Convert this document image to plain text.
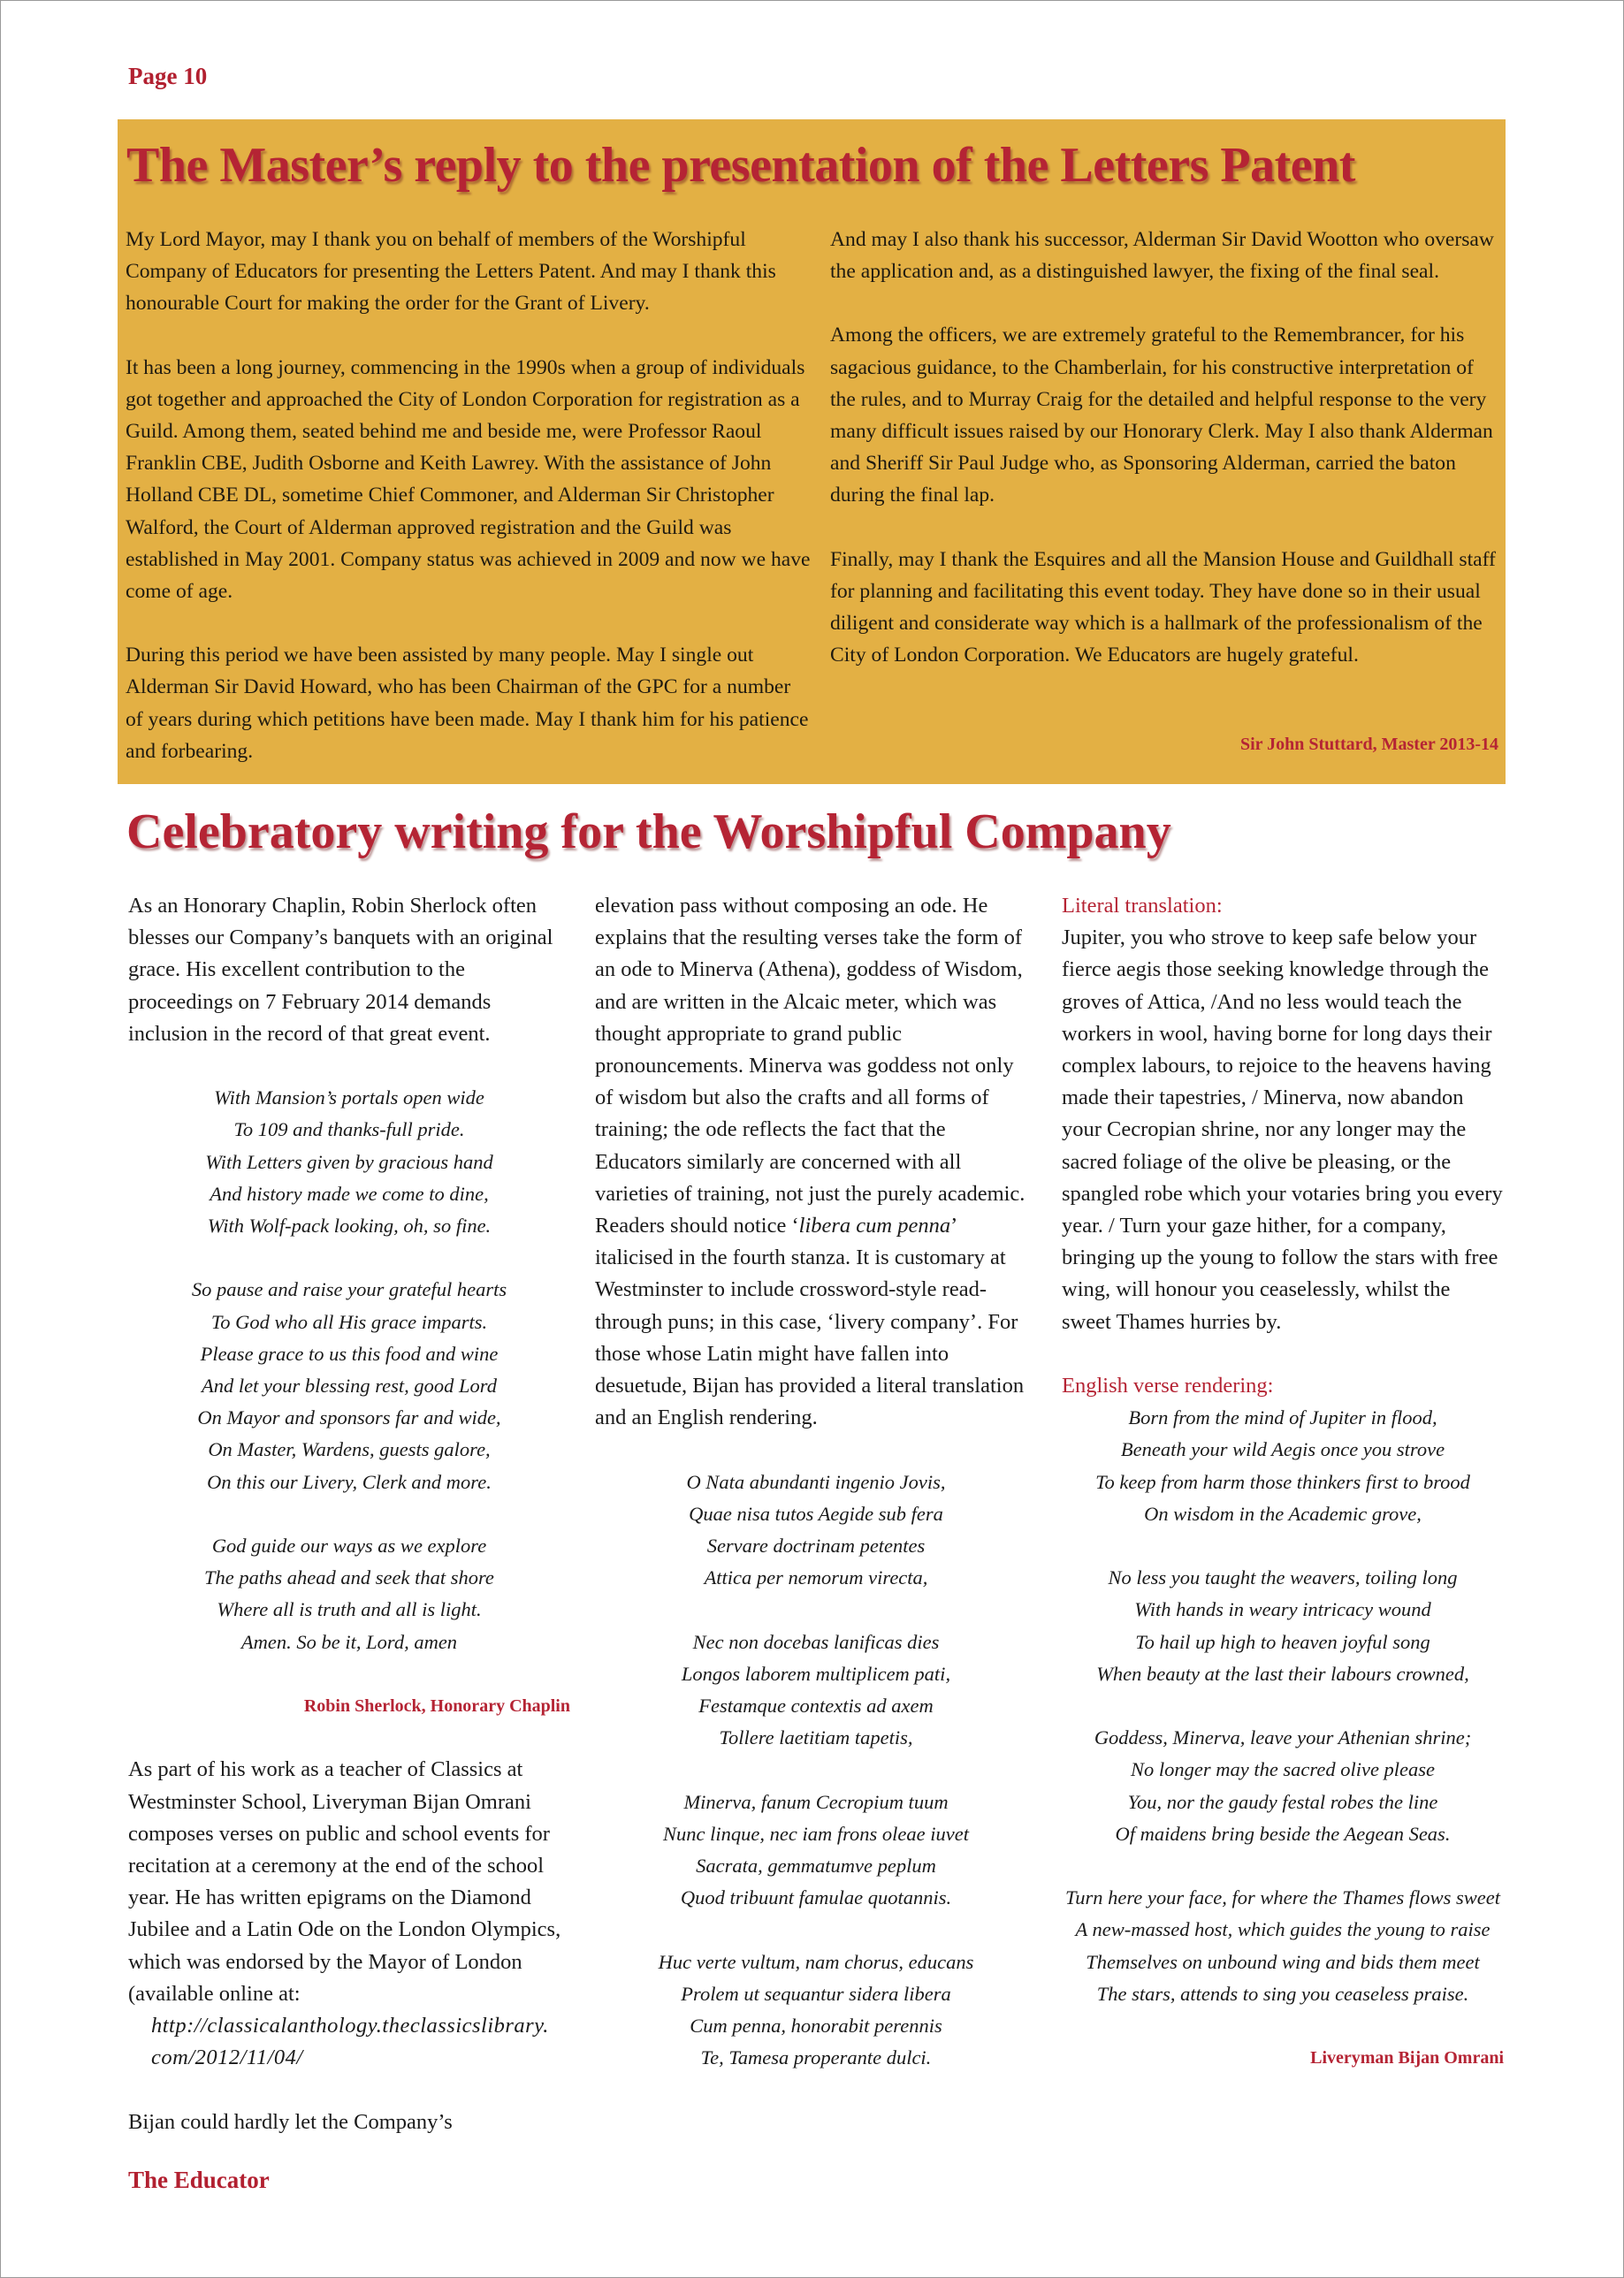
Page 10
The Master’s reply to the presentation of the Letters Patent

My Lord Mayor, may I thank you on behalf of members of the Worshipful Company of Educators for presenting the Letters Patent. And may I thank this honourable Court for making the order for the Grant of Livery.

It has been a long journey, commencing in the 1990s when a group of individuals got together and approached the City of London Corporation for registration as a Guild. Among them, seated behind me and beside me, were Professor Raoul Franklin CBE, Judith Osborne and Keith Lawrey. With the assistance of John Holland CBE DL, sometime Chief Commoner, and Alderman Sir Christopher Walford, the Court of Alderman approved registration and the Guild was established in May 2001. Company status was achieved in 2009 and now we have come of age.

During this period we have been assisted by many people. May I single out Alderman Sir David Howard, who has been Chairman of the GPC for a number of years during which petitions have been made. May I thank him for his patience and forbearing.

And may I also thank his successor, Alderman Sir David Wootton who oversaw the application and, as a distinguished lawyer, the fixing of the final seal.

Among the officers, we are extremely grateful to the Remembrancer, for his sagacious guidance, to the Chamberlain, for his constructive interpretation of the rules, and to Murray Craig for the detailed and helpful response to the very many difficult issues raised by our Honorary Clerk. May I also thank Alderman and Sheriff Sir Paul Judge who, as Sponsoring Alderman, carried the baton during the final lap.

Finally, may I thank the Esquires and all the Mansion House and Guildhall staff for planning and facilitating this event today. They have done so in their usual diligent and considerate way which is a hallmark of the professionalism of the City of London Corporation. We Educators are hugely grateful.

Sir John Stuttard, Master 2013-14
Celebratory writing for the Worshipful Company

As an Honorary Chaplin, Robin Sherlock often blesses our Company’s banquets with an original grace. His excellent contribution to the proceedings on 7 February 2014 demands inclusion in the record of that great event.

With Mansion’s portals open wide
To 109 and thanks-full pride.
With Letters given by gracious hand
And history made we come to dine,
With Wolf-pack looking, oh, so fine.
So pause and raise your grateful hearts
To God who all His grace imparts.
Please grace to us this food and wine
And let your blessing rest, good Lord
On Mayor and sponsors far and wide,
On Master, Wardens, guests galore,
On this our Livery, Clerk and more.
God guide our ways as we explore
The paths ahead and seek that shore
Where all is truth and all is light.
Amen. So be it, Lord, amen
Robin Sherlock, Honorary Chaplin

As part of his work as a teacher of Classics at Westminster School, Liveryman Bijan Omrani composes verses on public and school events for recitation at a ceremony at the end of the school year. He has written epigrams on the Diamond Jubilee and a Latin Ode on the London Olympics, which was endorsed by the Mayor of London (available online at:

http://classicalanthology.theclassicslibrary.

com/2012/11/04/

Bijan could hardly let the Company’s

elevation pass without composing an ode. He explains that the resulting verses take the form of an ode to Minerva (Athena), goddess of Wisdom, and are written in the Alcaic meter, which was thought appropriate to grand public pronouncements. Minerva was goddess not only of wisdom but also the crafts and all forms of training; the ode reflects the fact that the Educators similarly are concerned with all varieties of training, not just the purely academic. Readers should notice ‘libera cum penna’ italicised in the fourth stanza. It is customary at Westminster to include crossword-style read-through puns; in this case, ‘livery company’. For those whose Latin might have fallen into desuetude, Bijan has provided a literal translation and an English rendering.

O Nata abundanti ingenio Jovis,
Quae nisa tutos Aegide sub fera
Servare doctrinam petentes
Attica per nemorum virecta,
Nec non docebas lanificas dies
Longos laborem multiplicem pati,
Festamque contextis ad axem
Tollere laetitiam tapetis,
Minerva, fanum Cecropium tuum
Nunc linque, nec iam frons oleae iuvet
Sacrata, gemmatumve peplum
Quod tribuunt famulae quotannis.
Huc verte vultum, nam chorus, educans
Prolem ut sequantur sidera libera
Cum penna, honorabit perennis
Te, Tamesa properante dulci.

Literal translation:

Jupiter, you who strove to keep safe below your fierce aegis those seeking knowledge through the groves of Attica, /And no less would teach the workers in wool, having borne for long days their complex labours, to rejoice to the heavens having made their tapestries, / Minerva, now abandon your Cecropian shrine, nor any longer may the sacred foliage of the olive be pleasing, or the spangled robe which your votaries bring you every year. / Turn your gaze hither, for a company, bringing up the young to follow the stars with free wing, will honour you ceaselessly, whilst the sweet Thames hurries by.

English verse rendering:

Born from the mind of Jupiter in flood,
Beneath your wild Aegis once you strove
To keep from harm those thinkers first to brood
On wisdom in the Academic grove,
No less you taught the weavers, toiling long
With hands in weary intricacy wound
To hail up high to heaven joyful song
When beauty at the last their labours crowned,
Goddess, Minerva, leave your Athenian shrine;
No longer may the sacred olive please
You, nor the gaudy festal robes the line
Of maidens bring beside the Aegean Seas.
Turn here your face, for where the Thames flows sweet
A new-massed host, which guides the young to raise
Themselves on unbound wing and bids them meet
The stars, attends to sing you ceaseless praise.
Liveryman Bijan Omrani
The Educator
